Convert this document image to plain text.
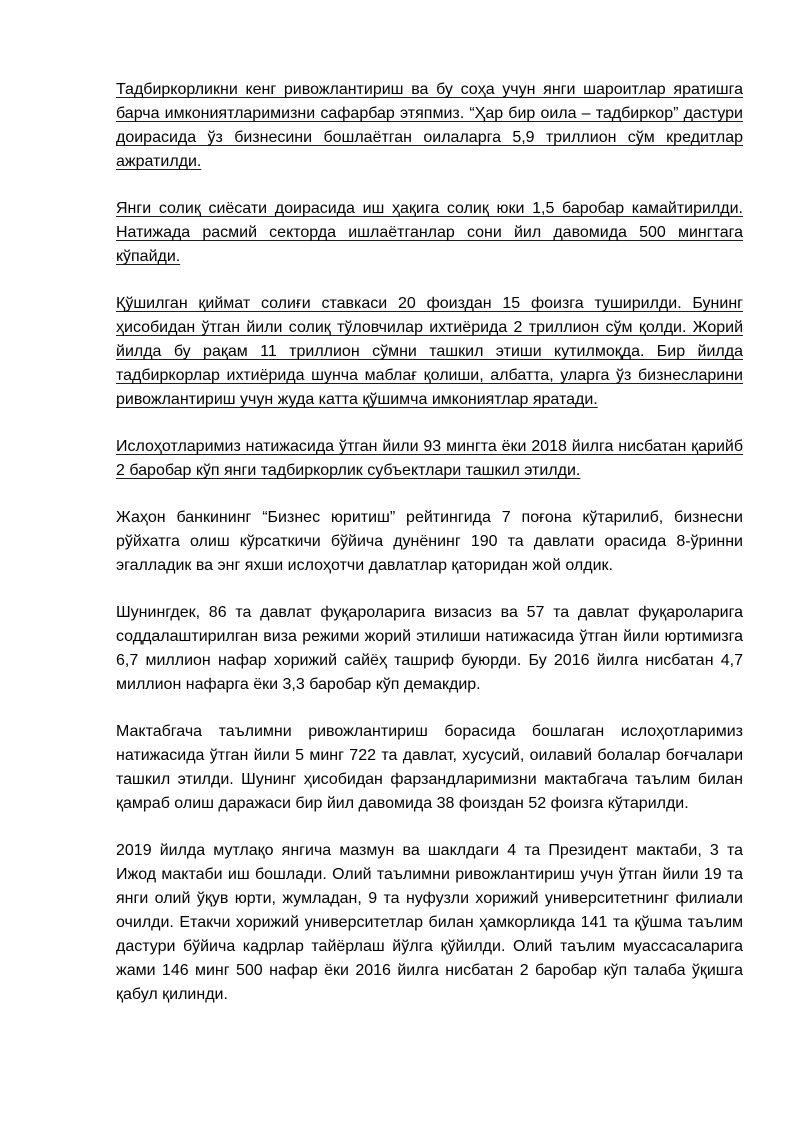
Тадбиркорликни кенг ривожлантириш ва бу соҳа учун янги шароитлар яратишга барча имкониятларимизни сафарбар этяпмиз. “Ҳар бир оила – тадбиркор” дастури доирасида ўз бизнесини бошлаётган оилаларга 5,9 триллион сўм кредитлар ажратилди.

Янги солиқ сиёсати доирасида иш ҳақига солиқ юки 1,5 баробар камайтирилди. Натижада расмий секторда ишлаётганлар сони йил давомида 500 мингтага кўпайди.

Қўшилган қиймат солиғи ставкаси 20 фоиздан 15 фоизга туширилди. Бунинг ҳисобидан ўтган йили солиқ тўловчилар ихтиёрида 2 триллион сўм қолди. Жорий йилда бу рақам 11 триллион сўмни ташкил этиши кутилмоқда. Бир йилда тадбиркорлар ихтиёрида шунча маблағ қолиши, албатта, уларга ўз бизнесларини ривожлантириш учун жуда катта қўшимча имкониятлар яратади.

Ислоҳотларимиз натижасида ўтган йили 93 мингта ёки 2018 йилга нисбатан қарийб 2 баробар кўп янги тадбиркорлик субъектлари ташкил этилди.

Жаҳон банкининг “Бизнес юритиш” рейтингида 7 поғона кўтарилиб, бизнесни рўйхатга олиш кўрсаткичи бўйича дунёнинг 190 та давлати орасида 8-ўринни эгалладик ва энг яхши ислоҳотчи давлатлар қаторидан жой олдик.

Шунингдек, 86 та давлат фуқароларига визасиз ва 57 та давлат фуқароларига соддалаштирилган виза режими жорий этилиши натижасида ўтган йили юртимизга 6,7 миллион нафар хорижий сайёҳ ташриф буюрди. Бу 2016 йилга нисбатан 4,7 миллион нафарга ёки 3,3 баробар кўп демакдир.

Мактабгача таълимни ривожлантириш борасида бошлаган ислоҳотларимиз натижасида ўтган йили 5 минг 722 та давлат, хусусий, оилавий болалар боғчалари ташкил этилди. Шунинг ҳисобидан фарзандларимизни мактабгача таълим билан қамраб олиш даражаси бир йил давомида 38 фоиздан 52 фоизга кўтарилди.

2019 йилда мутлақо янгича мазмун ва шаклдаги 4 та Президент мактаби, 3 та Ижод мактаби иш бошлади. Олий таълимни ривожлантириш учун ўтган йили 19 та янги олий ўқув юрти, жумладан, 9 та нуфузли хорижий университетнинг филиали очилди. Етакчи хорижий университетлар билан ҳамкорликда 141 та қўшма таълим дастури бўйича кадрлар тайёрлаш йўлга қўйилди. Олий таълим муассасаларига жами 146 минг 500 нафар ёки 2016 йилга нисбатан 2 баробар кўп талаба ўқишга қабул қилинди.
